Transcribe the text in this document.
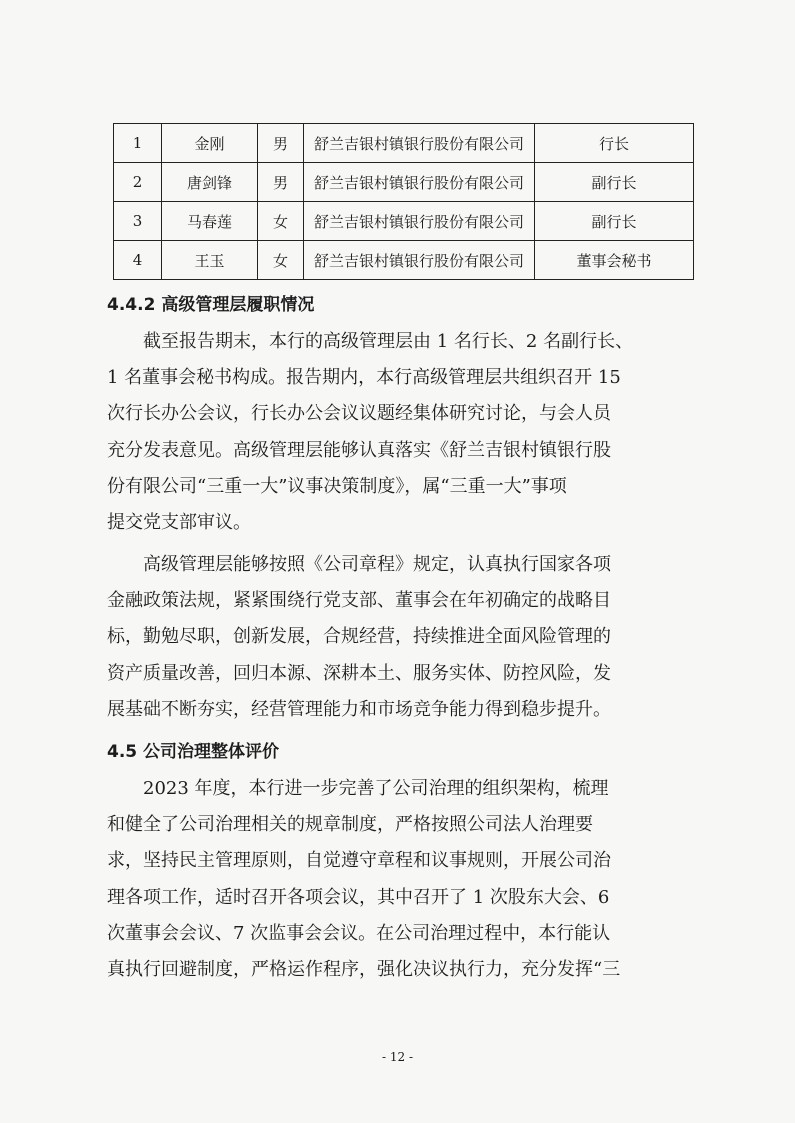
1	金刚	男	舒兰吉银村镇银行股份有限公司	行长
2	唐剑锋	男	舒兰吉银村镇银行股份有限公司	副行长
3	马春莲	女	舒兰吉银村镇银行股份有限公司	副行长
4	王玉	女	舒兰吉银村镇银行股份有限公司	董事会秘书
4.4.2 高级管理层履职情况

截至报告期末，本行的高级管理层由 1 名行长、2 名副行长、
1 名董事会秘书构成。报告期内，本行高级管理层共组织召开 15
次行长办公会议，行长办公会议议题经集体研究讨论，与会人员
充分发表意见。高级管理层能够认真落实《舒兰吉银村镇银行股
份有限公司“三重一大”议事决策制度》，属“三重一大”事项
提交党支部审议。

高级管理层能够按照《公司章程》规定，认真执行国家各项
金融政策法规，紧紧围绕行党支部、董事会在年初确定的战略目
标，勤勉尽职，创新发展，合规经营，持续推进全面风险管理的
资产质量改善，回归本源、深耕本土、服务实体、防控风险，发
展基础不断夯实，经营管理能力和市场竞争能力得到稳步提升。

4.5 公司治理整体评价

2023 年度，本行进一步完善了公司治理的组织架构，梳理
和健全了公司治理相关的规章制度，严格按照公司法人治理要
求，坚持民主管理原则，自觉遵守章程和议事规则，开展公司治
理各项工作，适时召开各项会议，其中召开了 1 次股东大会、6
次董事会会议、7 次监事会会议。在公司治理过程中，本行能认
真执行回避制度，严格运作程序，强化决议执行力，充分发挥“三

- 12 -
